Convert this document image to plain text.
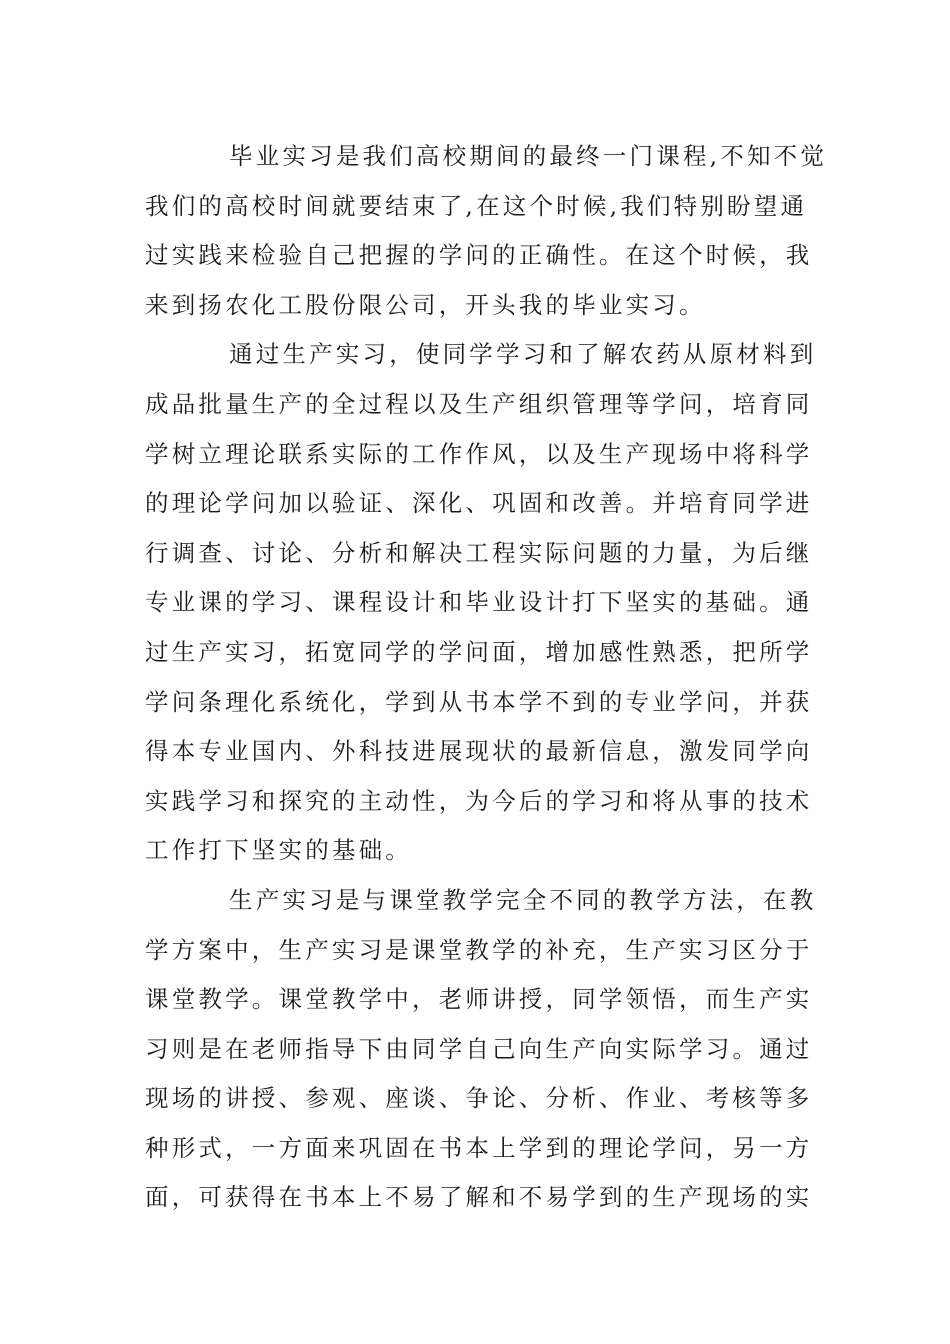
毕业实习是我们高校期间的最终一门课程,不知不觉
我们的高校时间就要结束了,在这个时候,我们特别盼望通
过实践来检验自己把握的学问的正确性。在这个时候，我
来到扬农化工股份限公司，开头我的毕业实习。

通过生产实习，使同学学习和了解农药从原材料到
成品批量生产的全过程以及生产组织管理等学问，培育同
学树立理论联系实际的工作作风，以及生产现场中将科学
的理论学问加以验证、深化、巩固和改善。并培育同学进
行调查、讨论、分析和解决工程实际问题的力量，为后继
专业课的学习、课程设计和毕业设计打下坚实的基础。通
过生产实习，拓宽同学的学问面，增加感性熟悉，把所学
学问条理化系统化，学到从书本学不到的专业学问，并获
得本专业国内、外科技进展现状的最新信息，激发同学向
实践学习和探究的主动性，为今后的学习和将从事的技术
工作打下坚实的基础。

生产实习是与课堂教学完全不同的教学方法，在教
学方案中，生产实习是课堂教学的补充，生产实习区分于
课堂教学。课堂教学中，老师讲授，同学领悟，而生产实
习则是在老师指导下由同学自己向生产向实际学习。通过
现场的讲授、参观、座谈、争论、分析、作业、考核等多
种形式，一方面来巩固在书本上学到的理论学问，另一方
面，可获得在书本上不易了解和不易学到的生产现场的实
